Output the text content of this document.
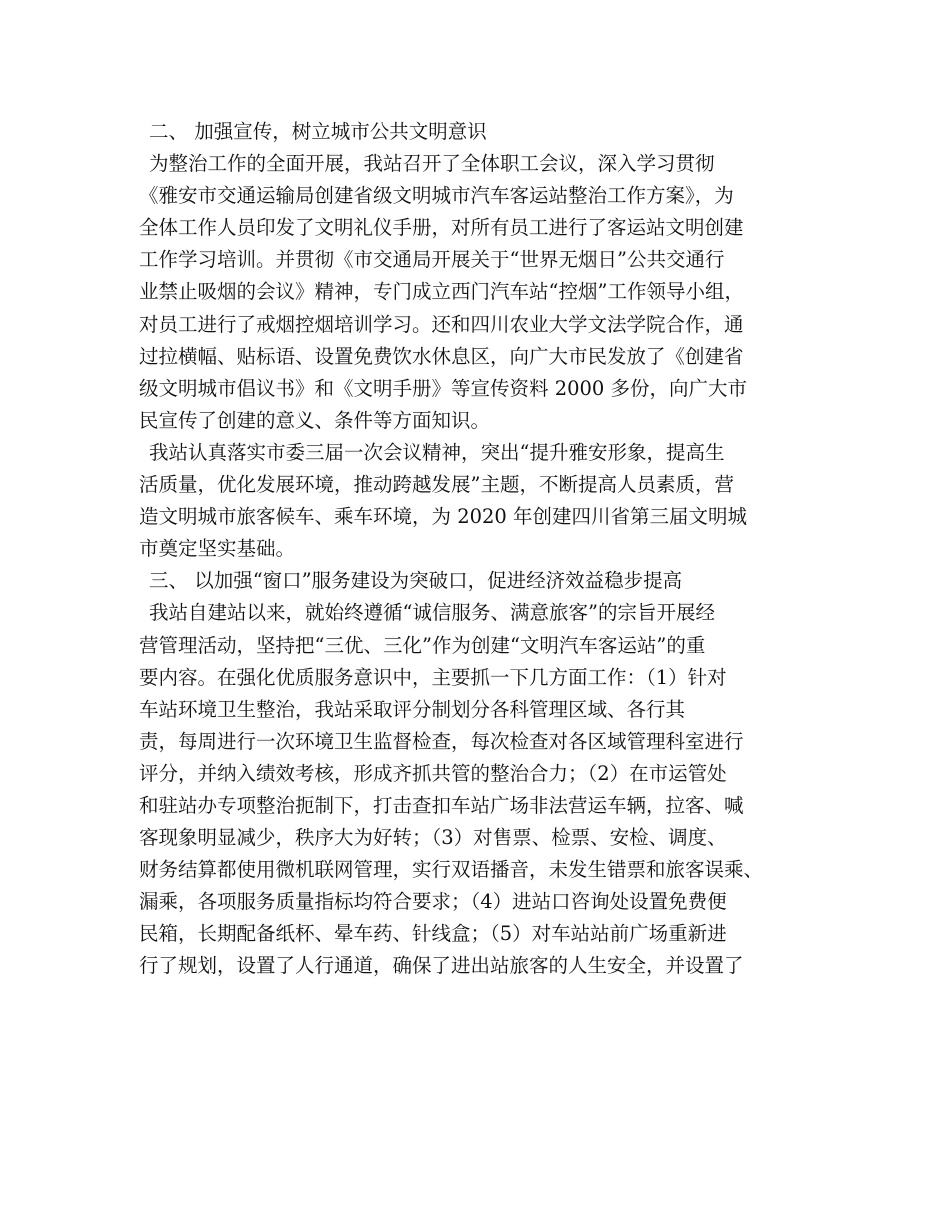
二、 加强宣传，树立城市公共文明意识
为整治工作的全面开展，我站召开了全体职工会议，深入学习贯彻
《雅安市交通运输局创建省级文明城市汽车客运站整治工作方案》，为
全体工作人员印发了文明礼仪手册，对所有员工进行了客运站文明创建
工作学习培训。并贯彻《市交通局开展关于“世界无烟日”公共交通行
业禁止吸烟的会议》精神，专门成立西门汽车站“控烟”工作领导小组，
对员工进行了戒烟控烟培训学习。还和四川农业大学文法学院合作，通
过拉横幅、贴标语、设置免费饮水休息区，向广大市民发放了《创建省
级文明城市倡议书》和《文明手册》等宣传资料 2000 多份，向广大市
民宣传了创建的意义、条件等方面知识。
我站认真落实市委三届一次会议精神，突出“提升雅安形象，提高生
活质量，优化发展环境，推动跨越发展”主题，不断提高人员素质，营
造文明城市旅客候车、乘车环境，为 2020 年创建四川省第三届文明城
市奠定坚实基础。
三、 以加强“窗口”服务建设为突破口，促进经济效益稳步提高
我站自建站以来，就始终遵循“诚信服务、满意旅客”的宗旨开展经
营管理活动，坚持把“三优、三化”作为创建“文明汽车客运站”的重
要内容。在强化优质服务意识中，主要抓一下几方面工作：（1）针对
车站环境卫生整治，我站采取评分制划分各科管理区域、各行其
责，每周进行一次环境卫生监督检查，每次检查对各区域管理科室进行
评分，并纳入绩效考核，形成齐抓共管的整治合力；（2）在市运管处
和驻站办专项整治扼制下，打击查扣车站广场非法营运车辆，拉客、喊
客现象明显减少，秩序大为好转；（3）对售票、检票、安检、调度、
财务结算都使用微机联网管理，实行双语播音，未发生错票和旅客误乘、
漏乘，各项服务质量指标均符合要求；（4）进站口咨询处设置免费便
民箱，长期配备纸杯、晕车药、针线盒；（5）对车站站前广场重新进
行了规划，设置了人行通道，确保了进出站旅客的人生安全，并设置了
